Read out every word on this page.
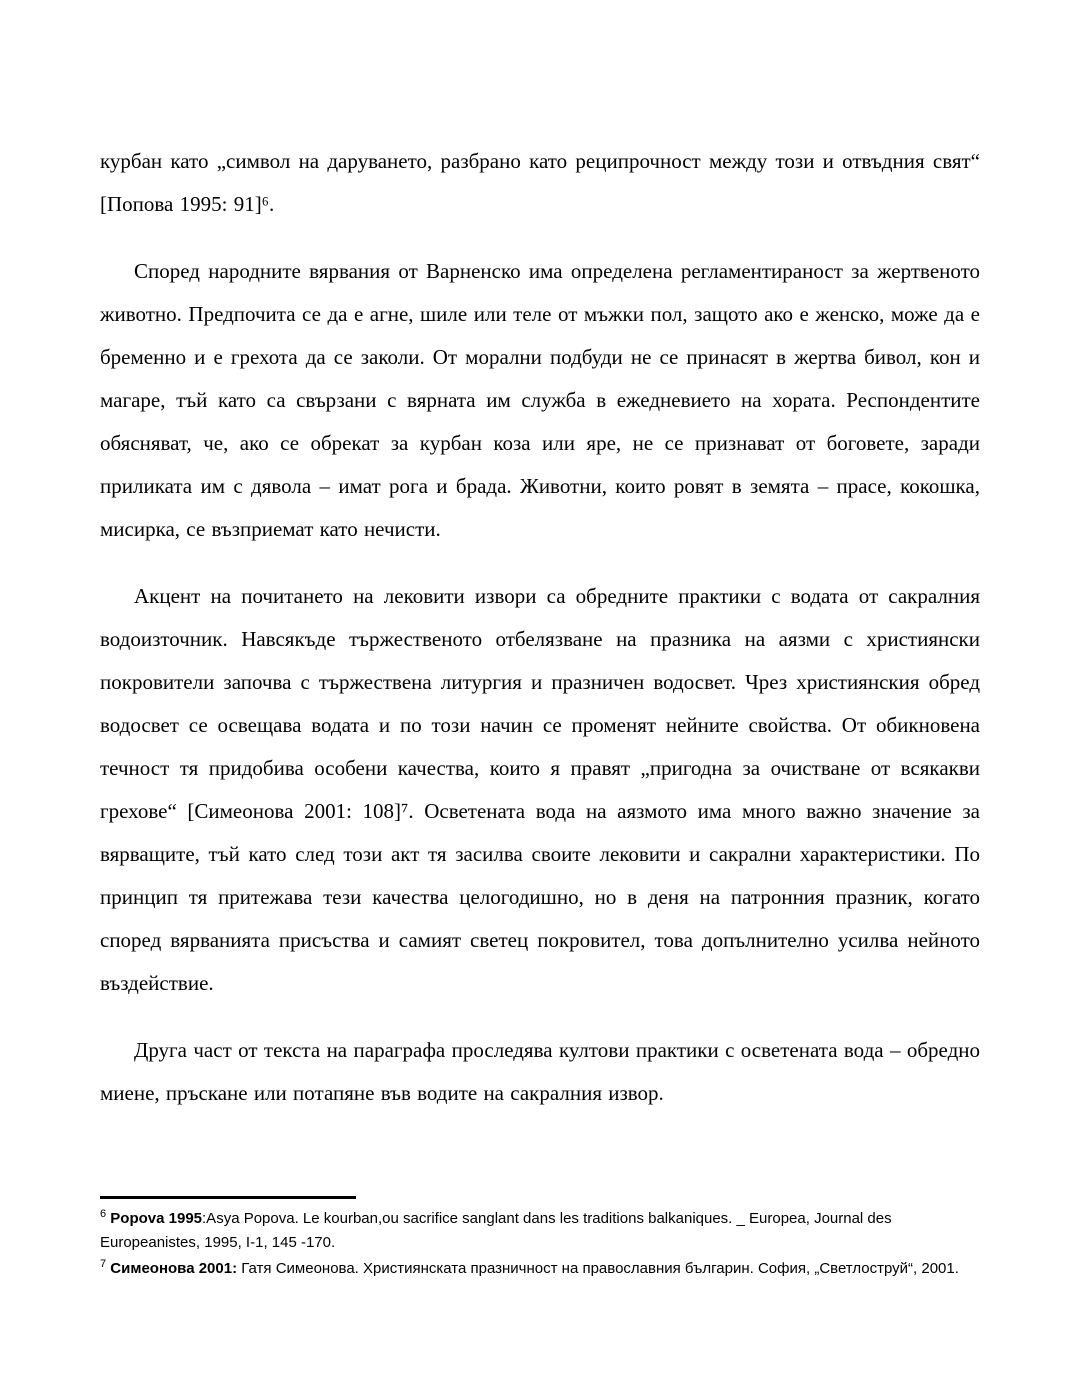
курбан като „символ на даруването, разбрано като реципрочност между този и отвъдния свят“ [Попова 1995: 91]⁶.

Според народните вярвания от Варненско има определена регламентираност за жертвеното животно. Предпочита се да е агне, шиле или теле от мъжки пол, защото ако е женско, може да е бременно и е грехота да се заколи. От морални подбуди не се принасят в жертва бивол, кон и магаре, тъй като са свързани с вярната им служба в ежедневието на хората. Респондентите обясняват, че, ако се обрекат за курбан коза или яре, не се признават от боговете, заради приликата им с дявола – имат рога и брада. Животни, които ровят в земята – прасе, кокошка, мисирка, се възприемат като нечисти.

Акцент на почитането на лековити извори са обредните практики с водата от сакралния водоизточник. Навсякъде тържественото отбелязване на празника на аязми с християнски покровители започва с тържествена литургия и празничен водосвет. Чрез християнския обред водосвет се освещава водата и по този начин се променят нейните свойства. От обикновена течност тя придобива особени качества, които я правят „пригодна за очистване от всякакви грехове“ [Симеонова 2001: 108]⁷. Осветената вода на аязмото има много важно значение за вярващите, тъй като след този акт тя засилва своите лековити и сакрални характеристики. По принцип тя притежава тези качества целогодишно, но в деня на патронния празник, когато според вярванията присъства и самият светец покровител, това допълнително усилва нейното въздействие.

Друга част от текста на параграфа проследява култови практики с осветената вода – обредно миене, пръскане или потапяне във водите на сакралния извор.

$^6$ Popova 1995:Asya Popova. Le kourban,ou sacrifice sanglant dans les traditions balkaniques. _ Europea, Journal des Europeanistes, 1995, I-1, 145 -170.

$^7$ Симеонова 2001: Гатя Симеонова. Християнската празничност на православния българин. София, „Светлоструй“, 2001.
